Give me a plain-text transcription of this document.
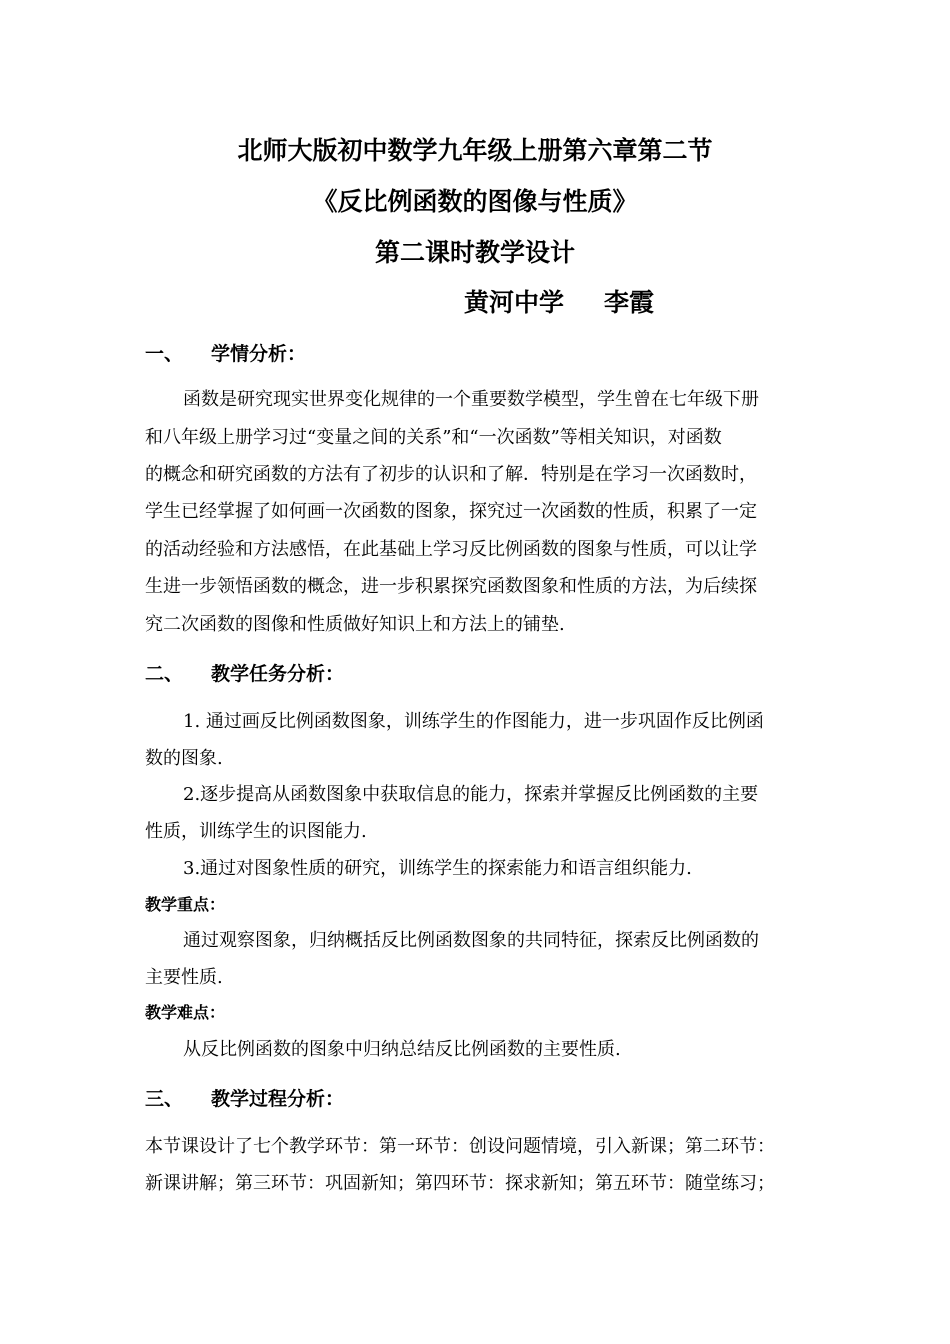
北师大版初中数学九年级上册第六章第二节
《反比例函数的图像与性质》
第二课时教学设计
黄河中学 李霞
一、 学情分析：
函数是研究现实世界变化规律的一个重要数学模型，学生曾在七年级下册
和八年级上册学习过“变量之间的关系”和“一次函数”等相关知识，对函数
的概念和研究函数的方法有了初步的认识和了解．特别是在学习一次函数时，
学生已经掌握了如何画一次函数的图象，探究过一次函数的性质，积累了一定
的活动经验和方法感悟，在此基础上学习反比例函数的图象与性质，可以让学
生进一步领悟函数的概念，进一步积累探究函数图象和性质的方法，为后续探
究二次函数的图像和性质做好知识上和方法上的铺垫.
二、 教学任务分析：
1. 通过画反比例函数图象，训练学生的作图能力，进一步巩固作反比例函
数的图象.
2.逐步提高从函数图象中获取信息的能力，探索并掌握反比例函数的主要
性质，训练学生的识图能力.
3.通过对图象性质的研究，训练学生的探索能力和语言组织能力.
教学重点：
通过观察图象，归纳概括反比例函数图象的共同特征，探索反比例函数的
主要性质.
教学难点：
从反比例函数的图象中归纳总结反比例函数的主要性质.
三、 教学过程分析：
本节课设计了七个教学环节：第一环节：创设问题情境，引入新课；第二环节：
新课讲解；第三环节：巩固新知；第四环节：探求新知；第五环节：随堂练习；
